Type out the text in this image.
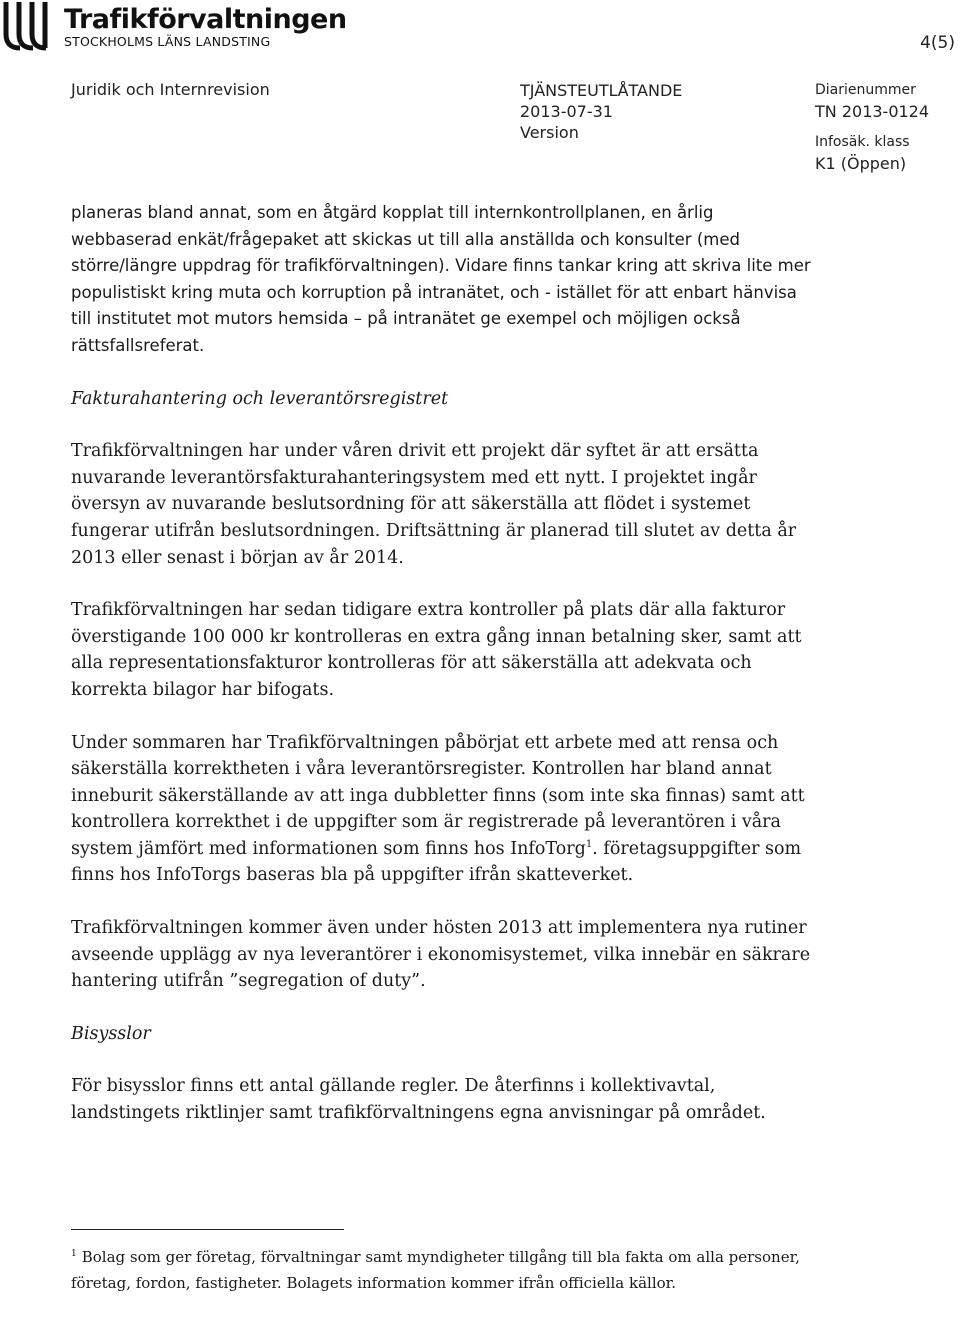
Trafikförvaltningen
STOCKHOLMS LÄNS LANDSTING	4(5)
Juridik och Internrevision	TJÄNSTEUTLÅTANDE
2013-07-31
Version
Diarienummer
TN 2013-0124
Infosäk. klass
K1 (Öppen)

planeras bland annat, som en åtgärd kopplat till internkontrollplanen, en årlig webbaserad enkät/frågepaket att skickas ut till alla anställda och konsulter (med större/längre uppdrag för trafikförvaltningen). Vidare finns tankar kring att skriva lite mer populistiskt kring muta och korruption på intranätet, och - istället för att enbart hänvisa till institutet mot mutors hemsida – på intranätet ge exempel och möjligen också rättsfallsreferat.

Fakturahantering och leverantörsregistret

Trafikförvaltningen har under våren drivit ett projekt där syftet är att ersätta nuvarande leverantörsfakturahanteringsystem med ett nytt. I projektet ingår översyn av nuvarande beslutsordning för att säkerställa att flödet i systemet fungerar utifrån beslutsordningen. Driftsättning är planerad till slutet av detta år 2013 eller senast i början av år 2014.

Trafikförvaltningen har sedan tidigare extra kontroller på plats där alla fakturor överstigande 100 000 kr kontrolleras en extra gång innan betalning sker, samt att alla representationsfakturor kontrolleras för att säkerställa att adekvata och korrekta bilagor har bifogats.

Under sommaren har Trafikförvaltningen påbörjat ett arbete med att rensa och säkerställa korrektheten i våra leverantörsregister. Kontrollen har bland annat inneburit säkerställande av att inga dubbletter finns (som inte ska finnas) samt att kontrollera korrekthet i de uppgifter som är registrerade på leverantören i våra system jämfört med informationen som finns hos InfoTorg$^1$. företagsuppgifter som finns hos InfoTorgs baseras bla på uppgifter ifrån skatteverket.

Trafikförvaltningen kommer även under hösten 2013 att implementera nya rutiner avseende upplägg av nya leverantörer i ekonomisystemet, vilka innebär en säkrare hantering utifrån ”segregation of duty”.

Bisysslor

För bisysslor finns ett antal gällande regler. De återfinns i kollektivavtal, landstingets riktlinjer samt trafikförvaltningens egna anvisningar på området.

$^1$ Bolag som ger företag, förvaltningar samt myndigheter tillgång till bla fakta om alla personer, företag, fordon, fastigheter. Bolagets information kommer ifrån officiella källor.
